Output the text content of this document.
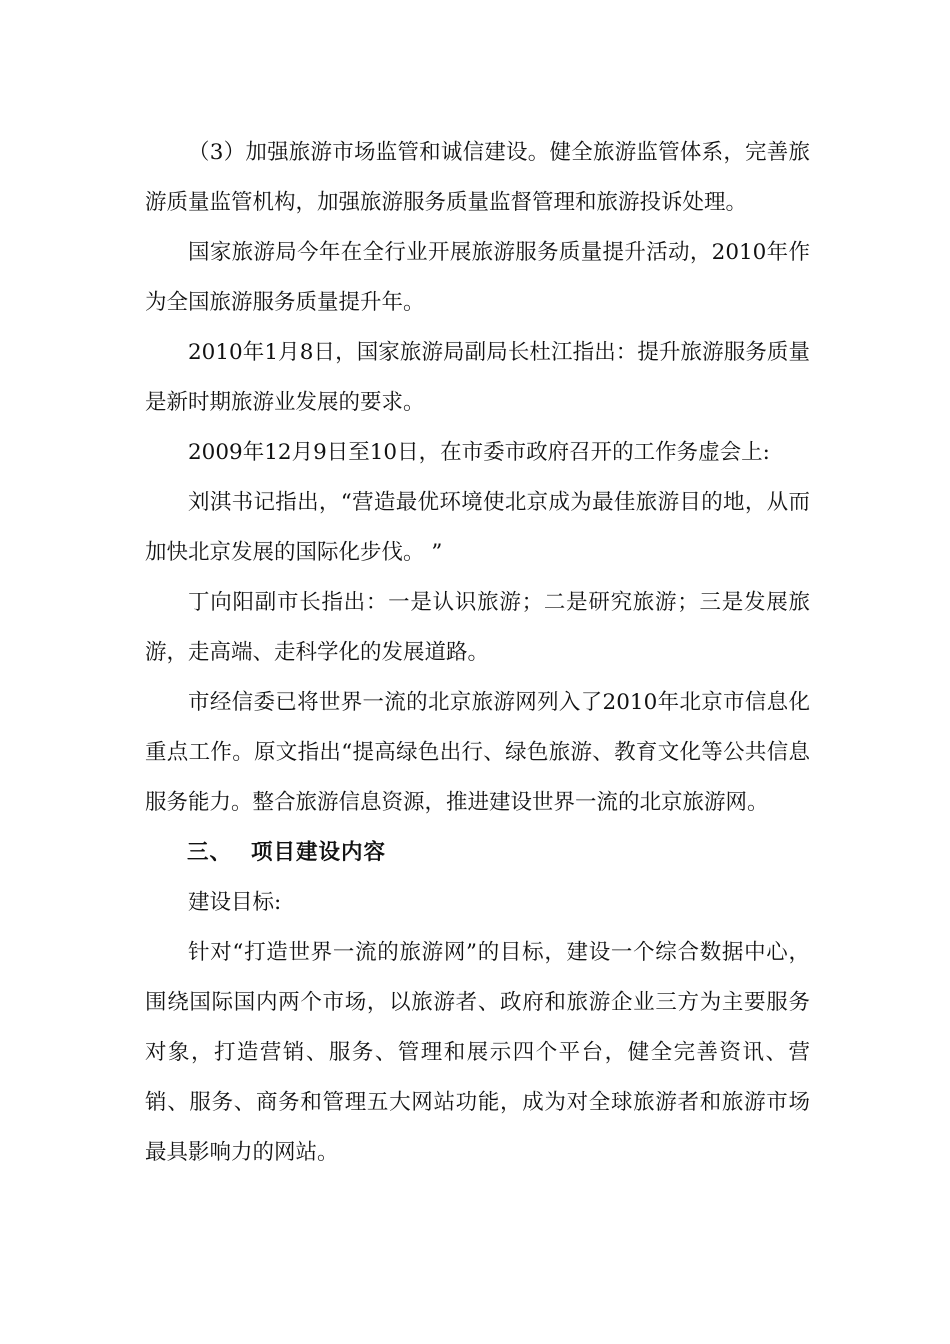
（3）加强旅游市场监管和诚信建设。健全旅游监管体系，完善旅游质量监管机构，加强旅游服务质量监督管理和旅游投诉处理。

国家旅游局今年在全行业开展旅游服务质量提升活动，2010年作为全国旅游服务质量提升年。

2010年1月8日，国家旅游局副局长杜江指出：提升旅游服务质量是新时期旅游业发展的要求。

2009年12月9日至10日，在市委市政府召开的工作务虚会上:

刘淇书记指出，“营造最优环境使北京成为最佳旅游目的地，从而加快北京发展的国际化步伐。 ”

丁向阳副市长指出：一是认识旅游；二是研究旅游；三是发展旅游，走高端、走科学化的发展道路。

市经信委已将世界一流的北京旅游网列入了2010年北京市信息化重点工作。原文指出“提高绿色出行、绿色旅游、教育文化等公共信息服务能力。整合旅游信息资源，推进建设世界一流的北京旅游网。

三、 项目建设内容

建设目标:

针对“打造世界一流的旅游网”的目标，建设一个综合数据中心，围绕国际国内两个市场，以旅游者、政府和旅游企业三方为主要服务对象，打造营销、服务、管理和展示四个平台，健全完善资讯、营销、服务、商务和管理五大网站功能，成为对全球旅游者和旅游市场最具影响力的网站。
